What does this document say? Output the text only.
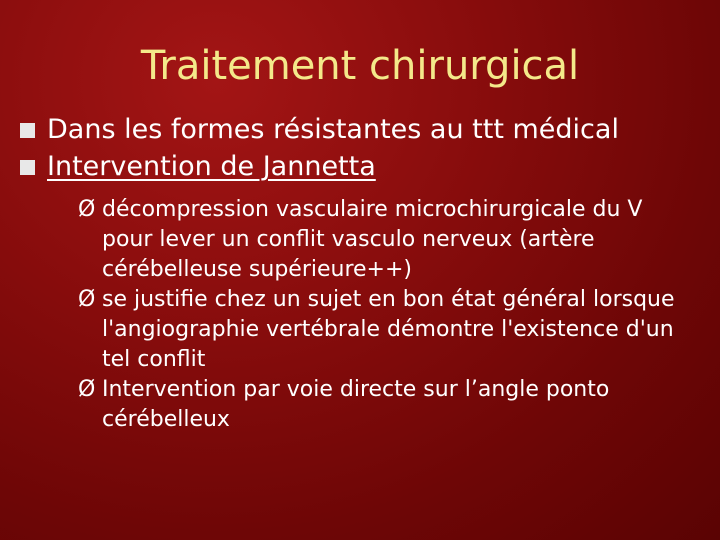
Traitement chirurgical
Dans les formes résistantes au ttt médical
Intervention de Jannetta
Ø décompression vasculaire microchirurgicale du V pour lever un conflit vasculo nerveux (artère cérébelleuse supérieure++)
Ø se justifie chez un sujet en bon état général lorsque l'angiographie vertébrale démontre l'existence d'un tel conflit
Ø Intervention par voie directe sur l’angle ponto cérébelleux
